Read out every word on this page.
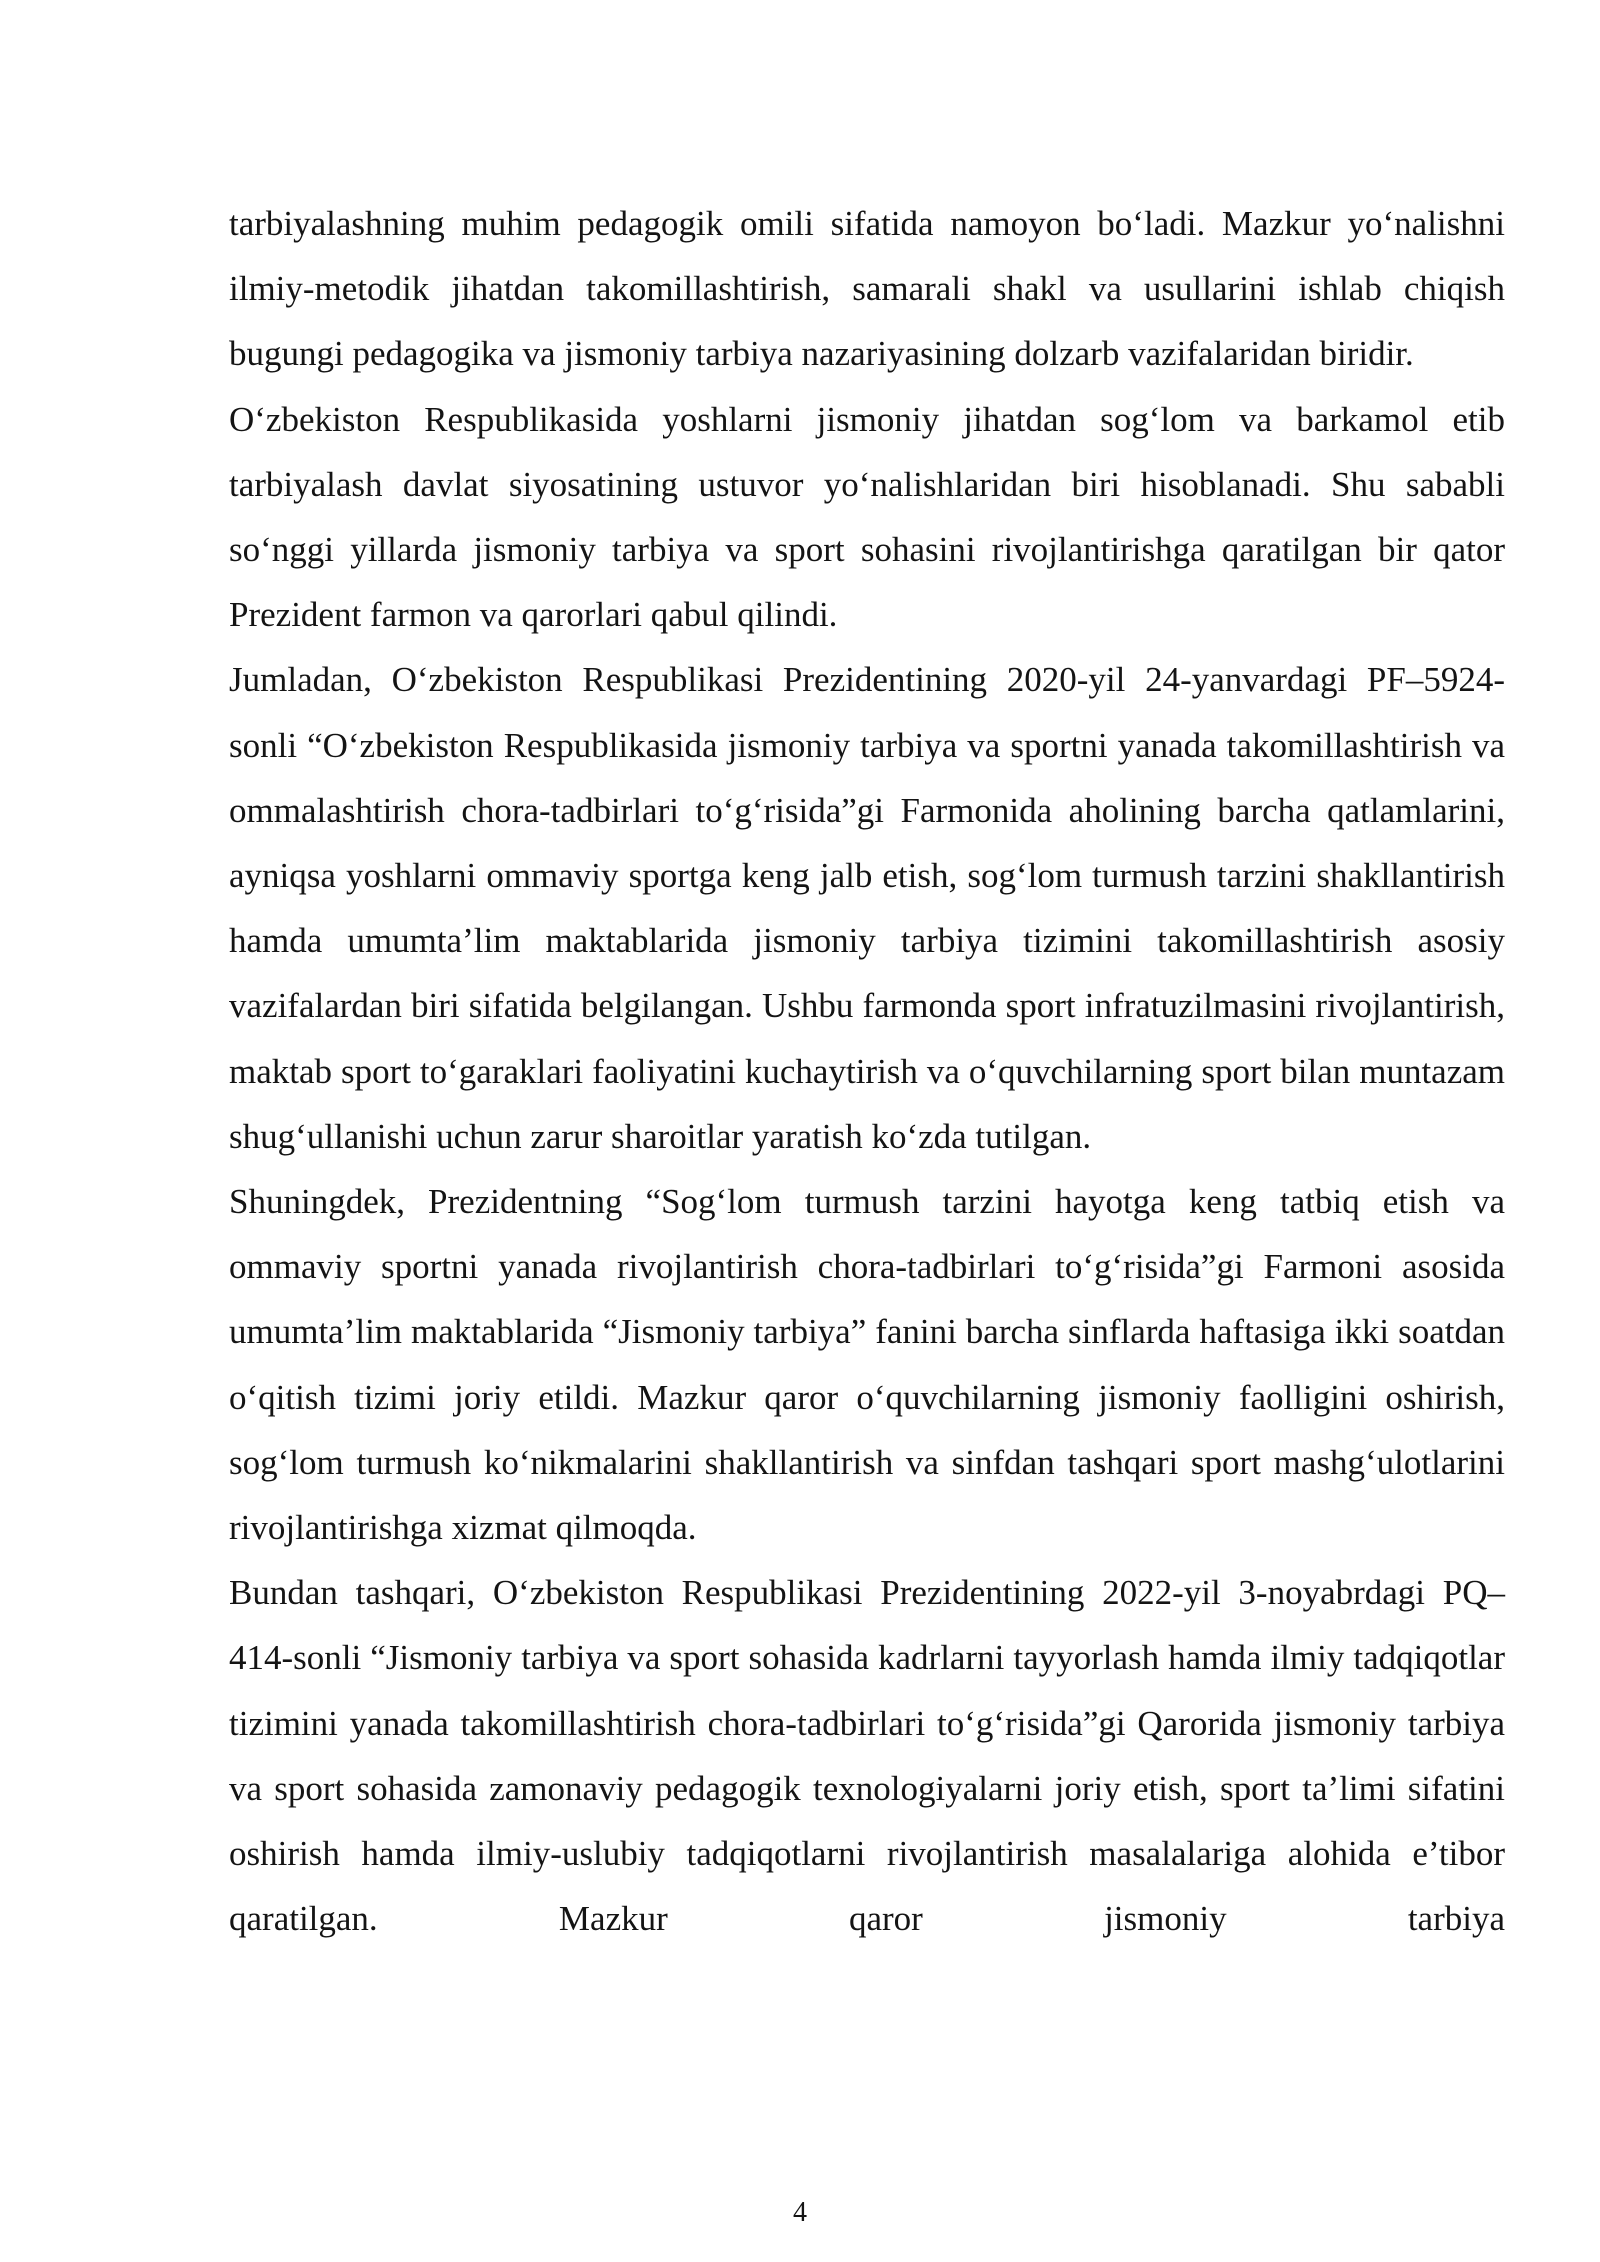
tarbiyalashning muhim pedagogik omili sifatida namoyon bo‘ladi. Mazkur yo‘nalishni ilmiy-metodik jihatdan takomillashtirish, samarali shakl va usullarini ishlab chiqish bugungi pedagogika va jismoniy tarbiya nazariyasining dolzarb vazifalaridan biridir.

O‘zbekiston Respublikasida yoshlarni jismoniy jihatdan sog‘lom va barkamol etib tarbiyalash davlat siyosatining ustuvor yo‘nalishlaridan biri hisoblanadi. Shu sababli so‘nggi yillarda jismoniy tarbiya va sport sohasini rivojlantirishga qaratilgan bir qator Prezident farmon va qarorlari qabul qilindi.

Jumladan, O‘zbekiston Respublikasi Prezidentining 2020-yil 24-yanvardagi PF–5924-sonli “O‘zbekiston Respublikasida jismoniy tarbiya va sportni yanada takomillashtirish va ommalashtirish chora-tadbirlari to‘g‘risida”gi Farmonida aholining barcha qatlamlarini, ayniqsa yoshlarni ommaviy sportga keng jalb etish, sog‘lom turmush tarzini shakllantirish hamda umumta’lim maktablarida jismoniy tarbiya tizimini takomillashtirish asosiy vazifalardan biri sifatida belgilangan. Ushbu farmonda sport infratuzilmasini rivojlantirish, maktab sport to‘garaklari faoliyatini kuchaytirish va o‘quvchilarning sport bilan muntazam shug‘ullanishi uchun zarur sharoitlar yaratish ko‘zda tutilgan.

Shuningdek, Prezidentning “Sog‘lom turmush tarzini hayotga keng tatbiq etish va ommaviy sportni yanada rivojlantirish chora-tadbirlari to‘g‘risida”gi Farmoni asosida umumta’lim maktablarida “Jismoniy tarbiya” fanini barcha sinflarda haftasiga ikki soatdan o‘qitish tizimi joriy etildi. Mazkur qaror o‘quvchilarning jismoniy faolligini oshirish, sog‘lom turmush ko‘nikmalarini shakllantirish va sinfdan tashqari sport mashg‘ulotlarini rivojlantirishga xizmat qilmoqda.

Bundan tashqari, O‘zbekiston Respublikasi Prezidentining 2022-yil 3-noyabrdagi PQ–414-sonli “Jismoniy tarbiya va sport sohasida kadrlarni tayyorlash hamda ilmiy tadqiqotlar tizimini yanada takomillashtirish chora-tadbirlari to‘g‘risida”gi Qarorida jismoniy tarbiya va sport sohasida zamonaviy pedagogik texnologiyalarni joriy etish, sport ta’limi sifatini oshirish hamda ilmiy-uslubiy tadqiqotlarni rivojlantirish masalalariga alohida e’tibor qaratilgan. Mazkur qaror jismoniy tarbiya

4
